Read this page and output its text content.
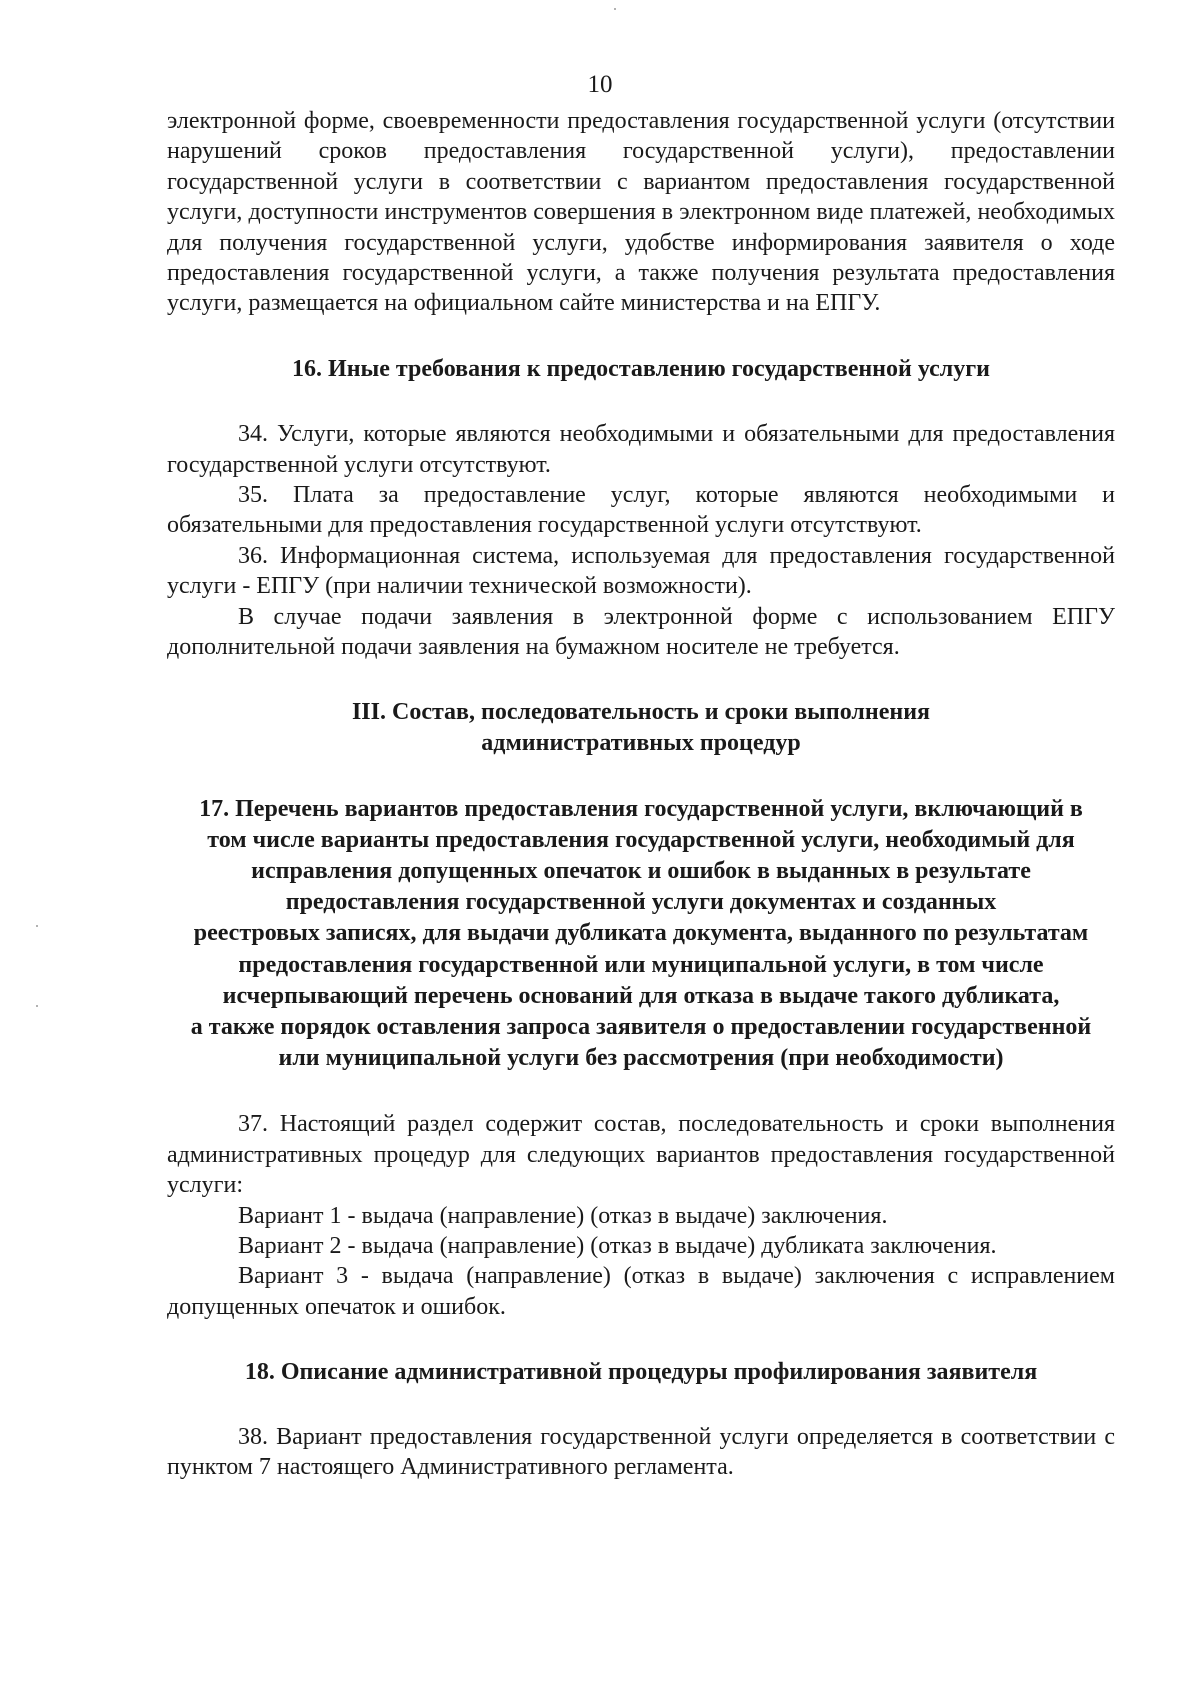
10

электронной форме, своевременности предоставления государственной услуги (отсутствии нарушений сроков предоставления государственной услуги), предоставлении государственной услуги в соответствии с вариантом предоставления государственной услуги, доступности инструментов совершения в электронном виде платежей, необходимых для получения государственной услуги, удобстве информирования заявителя о ходе предоставления государственной услуги, а также получения результата предоставления услуги, размещается на официальном сайте министерства и на ЕПГУ.

16. Иные требования к предоставлению государственной услуги

34. Услуги, которые являются необходимыми и обязательными для предоставления государственной услуги отсутствуют.

35. Плата за предоставление услуг, которые являются необходимыми и обязательными для предоставления государственной услуги отсутствуют.

36. Информационная система, используемая для предоставления государственной услуги - ЕПГУ (при наличии технической возможности).

В случае подачи заявления в электронной форме с использованием ЕПГУ дополнительной подачи заявления на бумажном носителе не требуется.

III. Состав, последовательность и сроки выполнения
административных процедур
17. Перечень вариантов предоставления государственной услуги, включающий в
том числе варианты предоставления государственной услуги, необходимый для
исправления допущенных опечаток и ошибок в выданных в результате
предоставления государственной услуги документах и созданных
реестровых записях, для выдачи дубликата документа, выданного по результатам
предоставления государственной или муниципальной услуги, в том числе
исчерпывающий перечень оснований для отказа в выдаче такого дубликата,
а также порядок оставления запроса заявителя о предоставлении государственной
или муниципальной услуги без рассмотрения (при необходимости)

37. Настоящий раздел содержит состав, последовательность и сроки выполнения административных процедур для следующих вариантов предоставления государственной услуги:

Вариант 1 - выдача (направление) (отказ в выдаче) заключения.

Вариант 2 - выдача (направление) (отказ в выдаче) дубликата заключения.

Вариант 3 - выдача (направление) (отказ в выдаче) заключения с исправлением допущенных опечаток и ошибок.

18. Описание административной процедуры профилирования заявителя

38. Вариант предоставления государственной услуги определяется в соответствии с пунктом 7 настоящего Административного регламента.
